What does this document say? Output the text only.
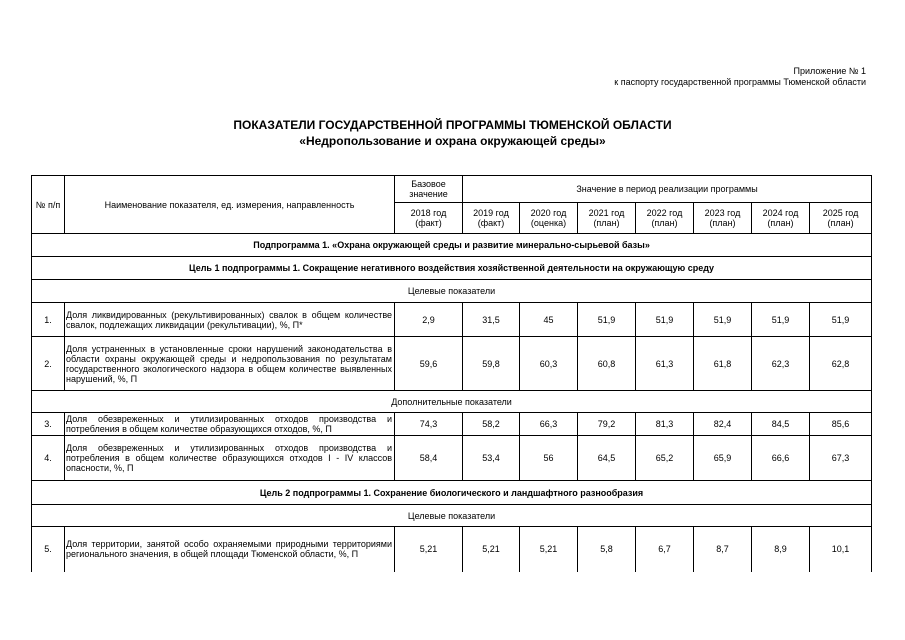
Приложение № 1
к паспорту государственной программы Тюменской области
ПОКАЗАТЕЛИ ГОСУДАРСТВЕННОЙ ПРОГРАММЫ ТЮМЕНСКОЙ ОБЛАСТИ
«Недропользование и охрана окружающей среды»
№ п/п	Наименование показателя, ед. измерения, направленность	Базовое значение	Значение в период реализации программы						
		2018 год (факт)	2019 год (факт)	2020 год (оценка)	2021 год (план)	2022 год (план)	2023 год (план)	2024 год (план)	2025 год (план)
Подпрограмма 1. «Охрана окружающей среды и развитие минерально-сырьевой базы»									
Цель 1 подпрограммы 1. Сокращение негативного воздействия хозяйственной деятельности на окружающую среду									
Целевые показатели									
1.	Доля ликвидированных (рекультивированных) свалок в общем количестве свалок, подлежащих ликвидации (рекультивации), %, П*	2,9	31,5	45	51,9	51,9	51,9	51,9	51,9
2.	Доля устраненных в установленные сроки нарушений законодательства в области охраны окружающей среды и недропользования по результатам государственного экологического надзора в общем количестве выявленных нарушений, %, П	59,6	59,8	60,3	60,8	61,3	61,8	62,3	62,8
Дополнительные показатели									
3.	Доля обезвреженных и утилизированных отходов производства и потребления в общем количестве образующихся отходов, %, П	74,3	58,2	66,3	79,2	81,3	82,4	84,5	85,6
4.	Доля обезвреженных и утилизированных отходов производства и потребления в общем количестве образующихся отходов I - IV классов опасности, %, П	58,4	53,4	56	64,5	65,2	65,9	66,6	67,3
Цель 2 подпрограммы 1. Сохранение биологического и ландшафтного разнообразия									
Целевые показатели									
5.	Доля территории, занятой особо охраняемыми природными территориями регионального значения, в общей площади Тюменской области, %, П	5,21	5,21	5,21	5,8	6,7	8,7	8,9	10,1
